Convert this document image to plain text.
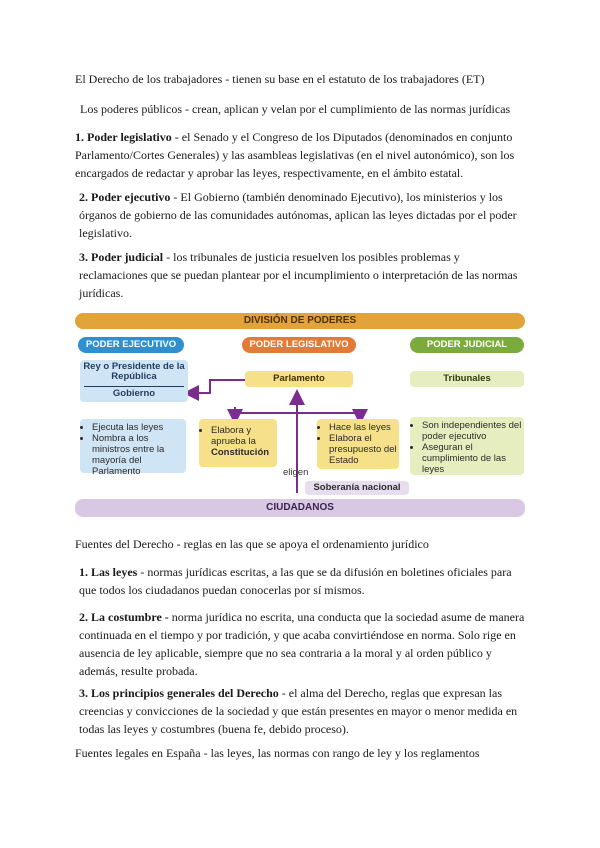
El Derecho de los trabajadores - tienen su base en el estatuto de los trabajadores (ET)

Los poderes públicos - crean, aplican y velan por el cumplimiento de las normas jurídicas

1. Poder legislativo - el Senado y el Congreso de los Diputados (denominados en conjunto Parlamento/Cortes Generales) y las asambleas legislativas (en el nivel autonómico), son los encargados de redactar y aprobar las leyes, respectivamente, en el ámbito estatal.

2. Poder ejecutivo - El Gobierno (también denominado Ejecutivo), los ministerios y los órganos de gobierno de las comunidades autónomas, aplican las leyes dictadas por el poder legislativo.

3. Poder judicial - los tribunales de justicia resuelven los posibles problemas y reclamaciones que se puedan plantear por el incumplimiento o interpretación de las normas jurídicas.

DIVISIÓN DE PODERES
PODER EJECUTIVO	PODER LEGISLATIVO	PODER JUDICIAL
Rey o Presidente de la República
Gobierno
Parlamento	Tribunales
• Ejecuta las leyes
• Nombra a los ministros entre la mayoría del Parlamento
• Elabora y aprueba la Constitución
• Hace las leyes
• Elabora el presupuesto del Estado
• Son independientes del poder ejecutivo
• Aseguran el cumplimiento de las leyes
eligen
Soberanía nacional
CIUDADANOS

Fuentes del Derecho - reglas en las que se apoya el ordenamiento jurídico

1. Las leyes - normas jurídicas escritas, a las que se da difusión en boletines oficiales para que todos los ciudadanos puedan conocerlas por sí mismos.

2. La costumbre - norma jurídica no escrita, una conducta que la sociedad asume de manera continuada en el tiempo y por tradición, y que acaba convirtiéndose en norma. Solo rige en ausencia de ley aplicable, siempre que no sea contraria a la moral y al orden público y además, resulte probada.

3. Los principios generales del Derecho - el alma del Derecho, reglas que expresan las creencias y convicciones de la sociedad y que están presentes en mayor o menor medida en todas las leyes y costumbres (buena fe, debido proceso).

Fuentes legales en España - las leyes, las normas con rango de ley y los reglamentos
